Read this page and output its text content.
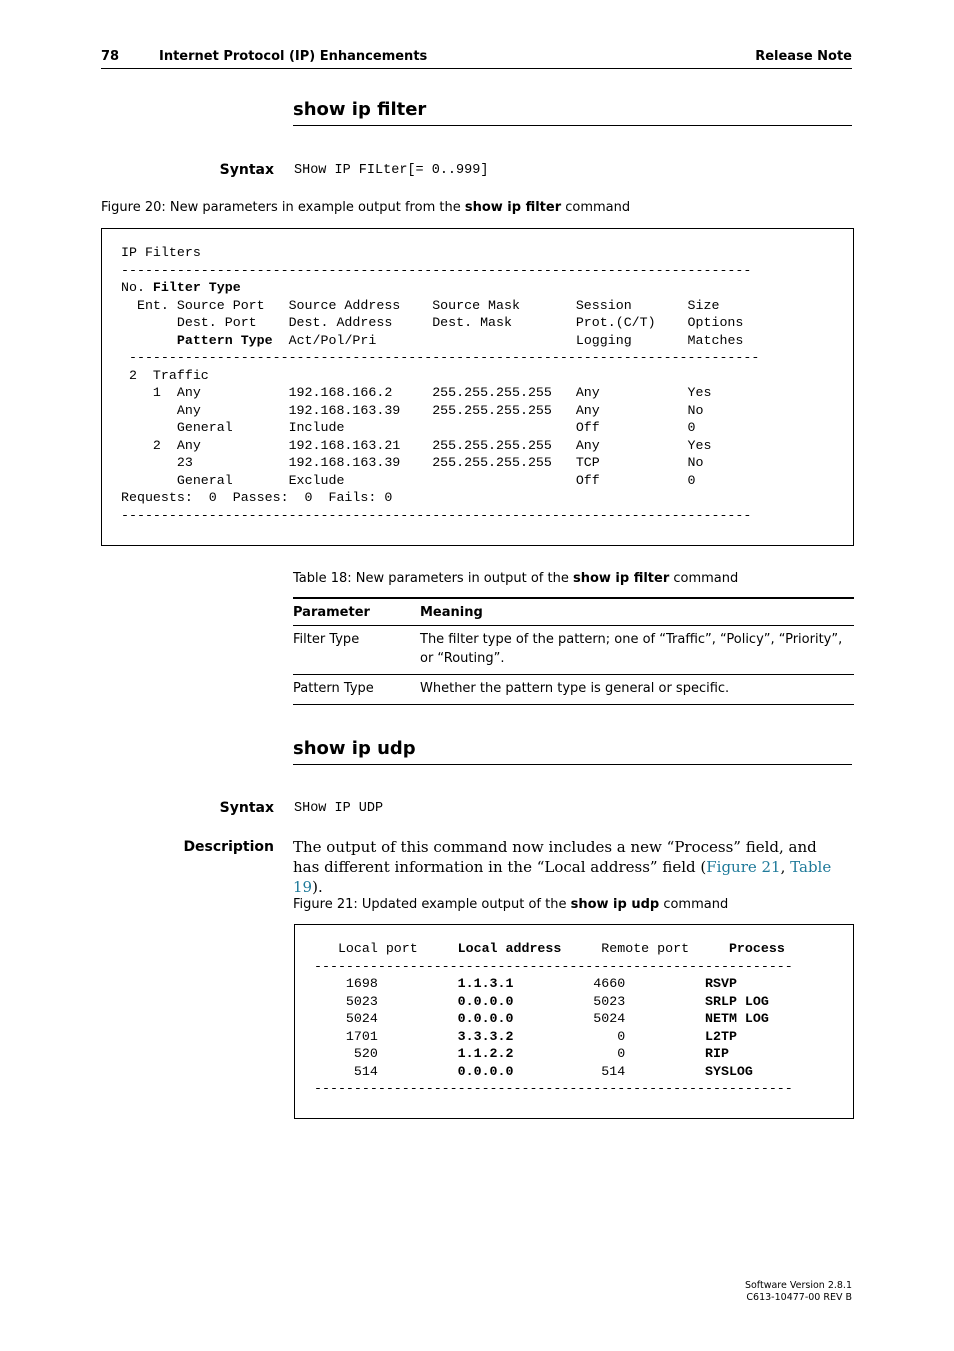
78	Internet Protocol (IP) Enhancements	Release Note
show ip filter
Syntax SHow IP FILter[= 0..999]
Figure 20: New parameters in example output from the show ip filter command
IP Filters
-------------------------------------------------------------------------------
No. Filter Type
Ent. Source Port   Source Address    Source Mask       Session       Size
Dest. Port    Dest. Address     Dest. Mask        Prot.(C/T)    Options
Pattern Type  Act/Pol/Pri                         Logging       Matches
-------------------------------------------------------------------------------
2  Traffic
1  Any           192.168.166.2     255.255.255.255   Any           Yes
Any           192.168.163.39    255.255.255.255   Any           No
General       Include                             Off           0
2  Any           192.168.163.21    255.255.255.255   Any           Yes
23            192.168.163.39    255.255.255.255   TCP           No
General       Exclude                             Off           0
Requests:  0  Passes:  0  Fails: 0
-------------------------------------------------------------------------------

Table 18: New parameters in output of the show ip filter command
Parameter	Meaning
Filter Type	The filter type of the pattern; one of “Traffic”, “Policy”, “Priority”, or “Routing”.
Pattern Type	Whether the pattern type is general or specific.
show ip udp
Syntax SHow IP UDP
Description The output of this command now includes a new “Process” field, and has different information in the “Local address” field (Figure 21, Table 19).
Figure 21: Updated example output of the show ip udp command
Local port     Local address     Remote port     Process
------------------------------------------------------------
1698          1.1.3.1          4660          RSVP
5023          0.0.0.0          5023          SRLP LOG
5024          0.0.0.0          5024          NETM LOG
1701          3.3.3.2             0          L2TP
520          1.1.2.2             0          RIP
514          0.0.0.0           514          SYSLOG
------------------------------------------------------------
Software Version 2.8.1
C613-10477-00 REV B
